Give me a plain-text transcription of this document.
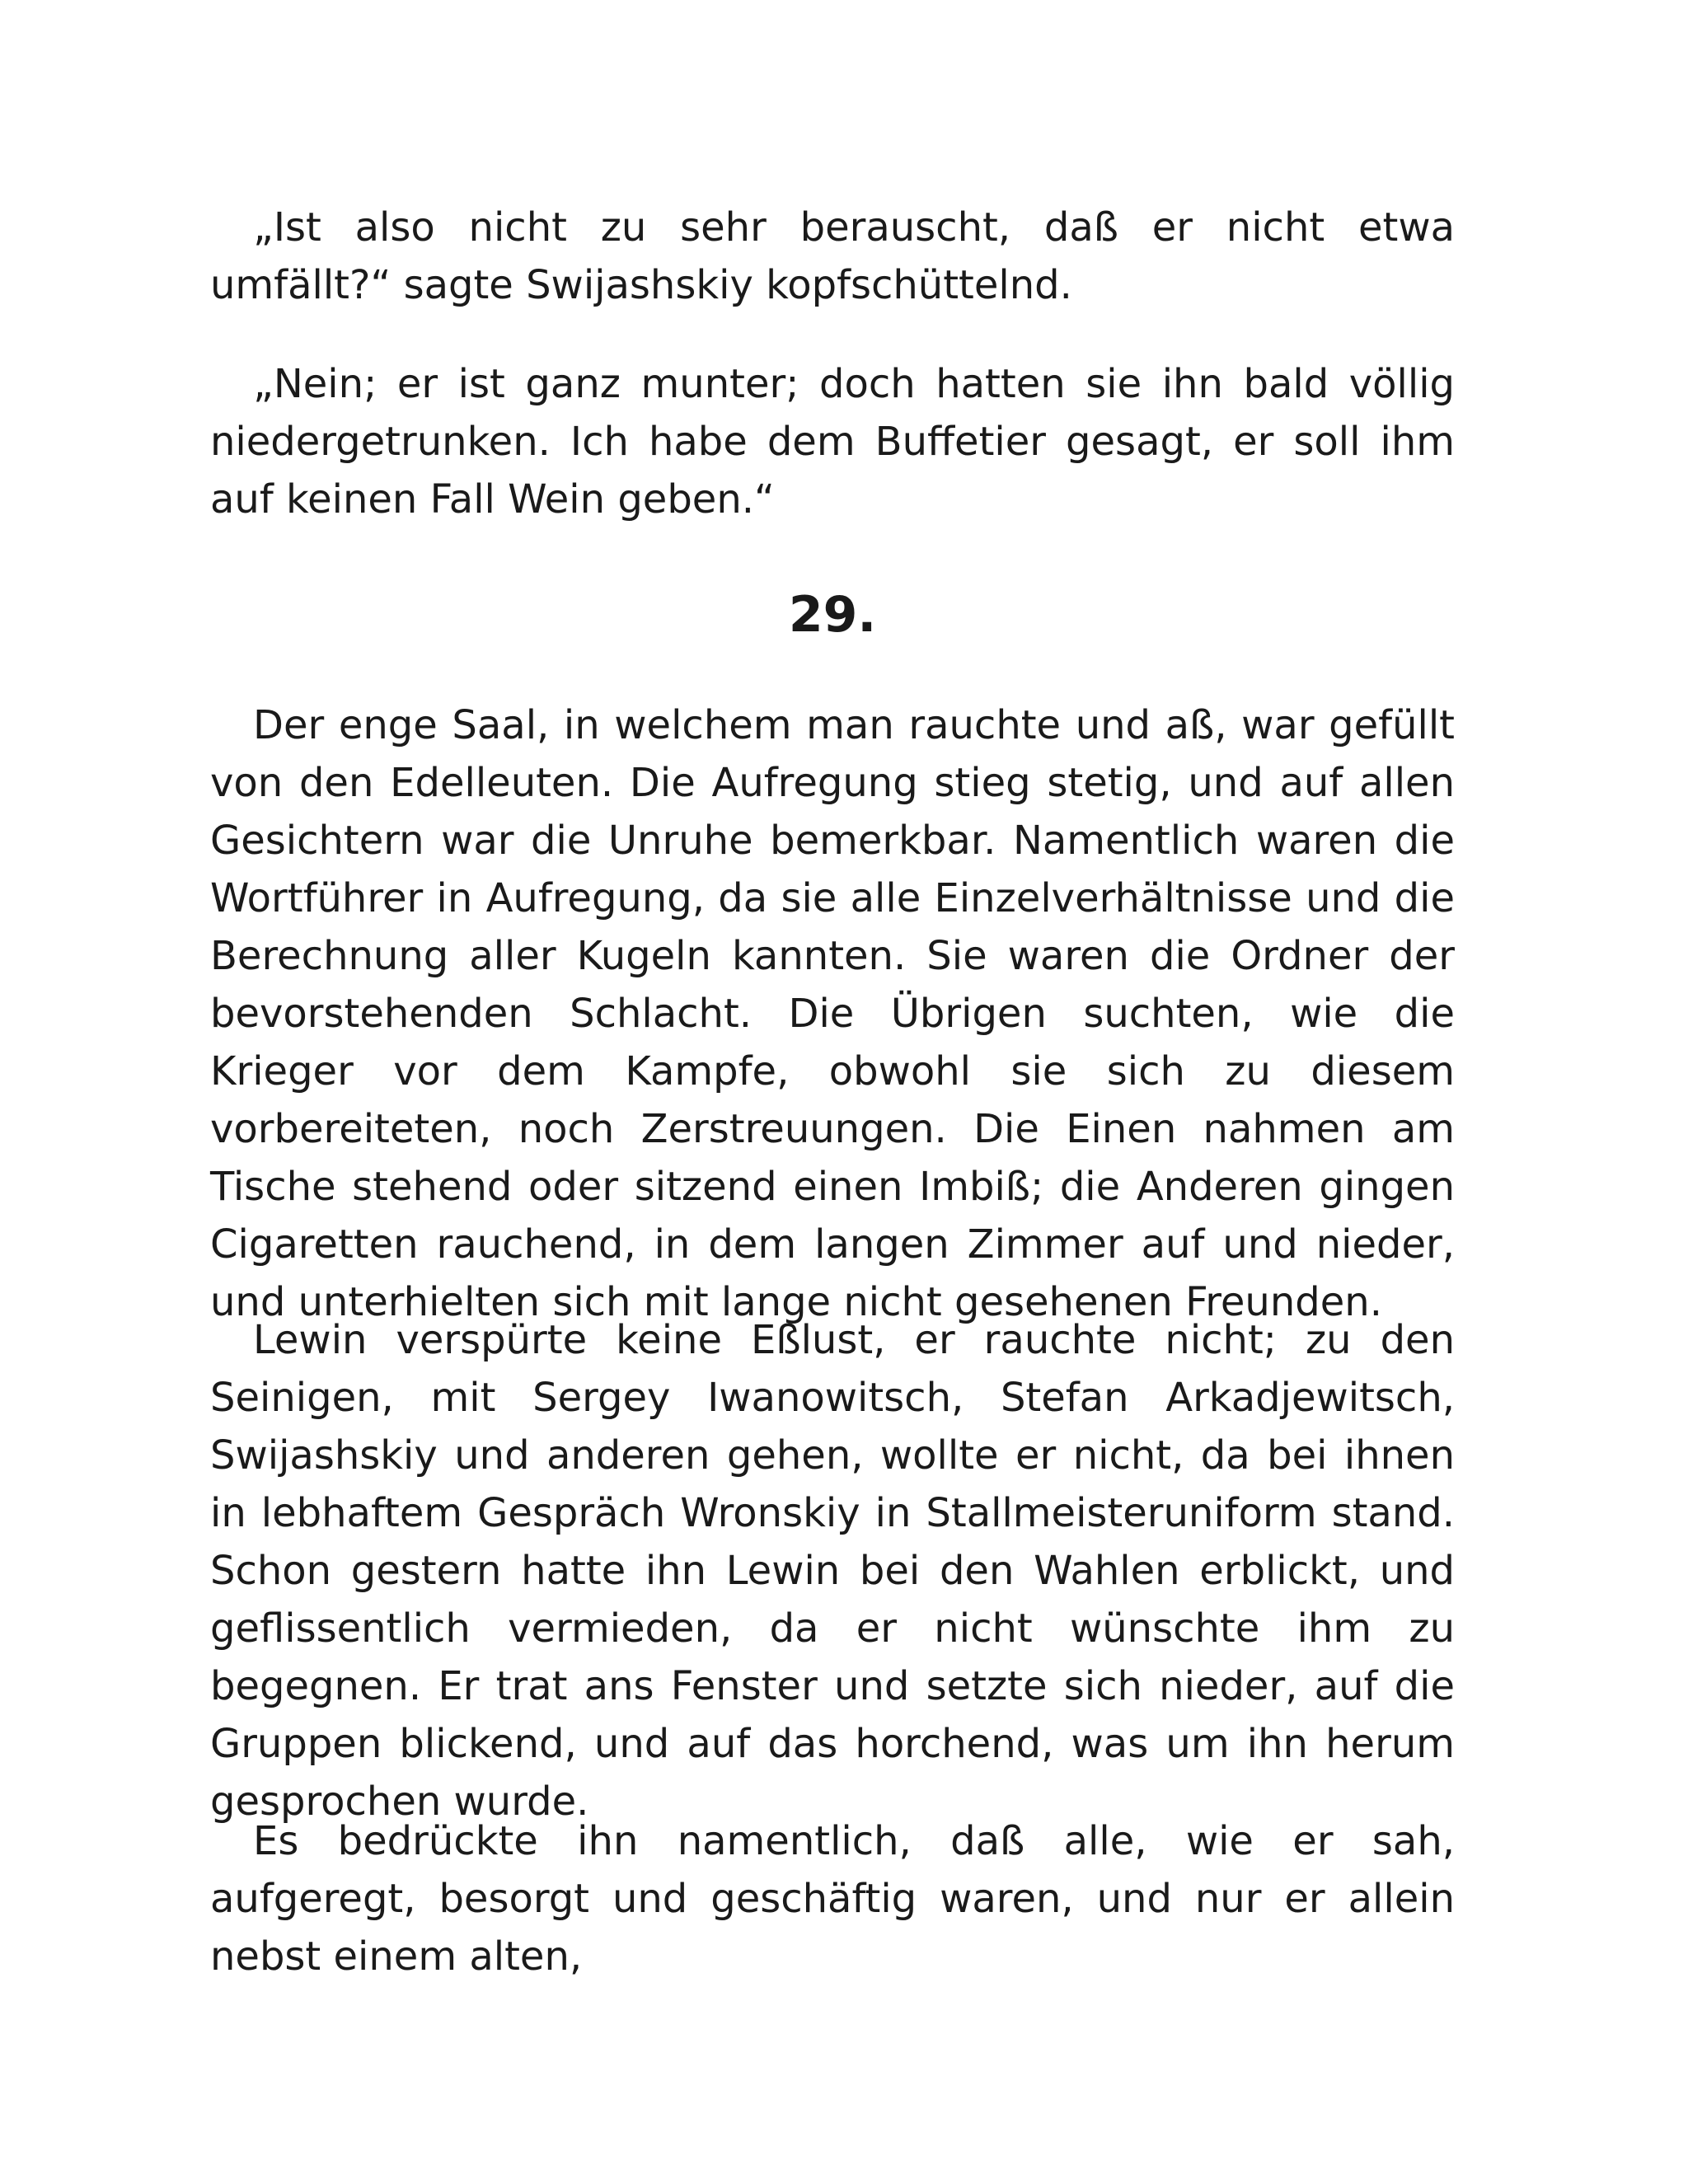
„Ist also nicht zu sehr berauscht, daß er nicht etwa umfällt?“ sagte Swijashskiy kopfschüttelnd.

„Nein; er ist ganz munter; doch hatten sie ihn bald völlig niedergetrunken. Ich habe dem Buffetier gesagt, er soll ihm auf keinen Fall Wein geben.“

29.

Der enge Saal, in welchem man rauchte und aß, war gefüllt von den Edelleuten. Die Aufregung stieg stetig, und auf allen Gesichtern war die Unruhe bemerkbar. Namentlich waren die Wortführer in Aufregung, da sie alle Einzelverhältnisse und die Berechnung aller Kugeln kannten. Sie waren die Ordner der bevorstehenden Schlacht. Die Übrigen suchten, wie die Krieger vor dem Kampfe, obwohl sie sich zu diesem vorbereiteten, noch Zerstreuungen. Die Einen nahmen am Tische stehend oder sitzend einen Imbiß; die Anderen gingen Cigaretten rauchend, in dem langen Zimmer auf und nieder, und unterhielten sich mit lange nicht gesehenen Freunden.

Lewin verspürte keine Eßlust, er rauchte nicht; zu den Seinigen, mit Sergey Iwanowitsch, Stefan Arkadjewitsch, Swijashskiy und anderen gehen, wollte er nicht, da bei ihnen in lebhaftem Gespräch Wronskiy in Stallmeisteruniform stand. Schon gestern hatte ihn Lewin bei den Wahlen erblickt, und geflissentlich vermieden, da er nicht wünschte ihm zu begegnen. Er trat ans Fenster und setzte sich nieder, auf die Gruppen blickend, und auf das horchend, was um ihn herum gesprochen wurde.

Es bedrückte ihn namentlich, daß alle, wie er sah, aufgeregt, besorgt und geschäftig waren, und nur er allein nebst einem alten,
